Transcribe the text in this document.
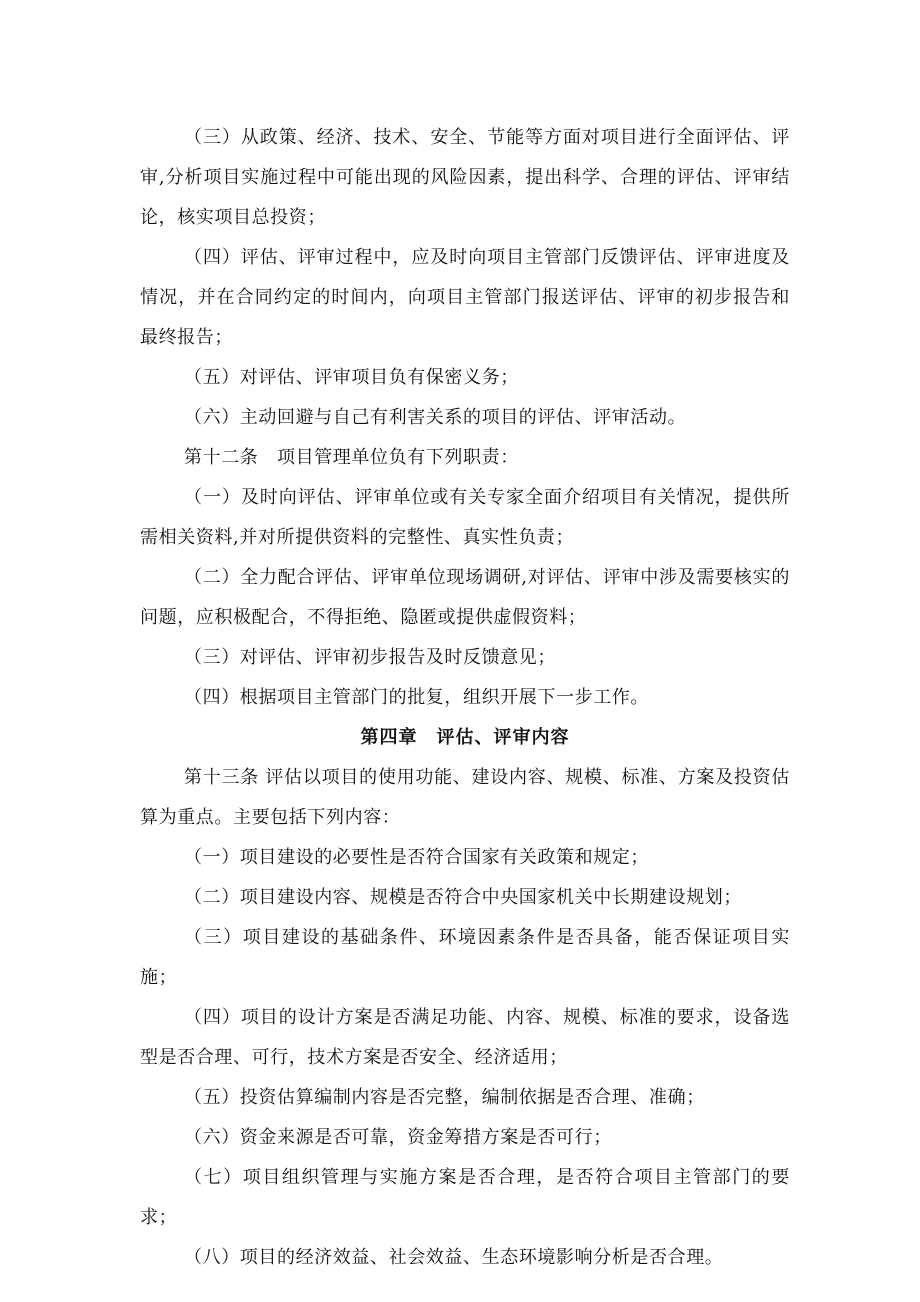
（三）从政策、经济、技术、安全、节能等方面对项目进行全面评估、评审,分析项目实施过程中可能出现的风险因素，提出科学、合理的评估、评审结论，核实项目总投资；

（四）评估、评审过程中，应及时向项目主管部门反馈评估、评审进度及情况，并在合同约定的时间内，向项目主管部门报送评估、评审的初步报告和最终报告；

（五）对评估、评审项目负有保密义务；

（六）主动回避与自己有利害关系的项目的评估、评审活动。

第十二条　项目管理单位负有下列职责：

（一）及时向评估、评审单位或有关专家全面介绍项目有关情况，提供所需相关资料,并对所提供资料的完整性、真实性负责；

（二）全力配合评估、评审单位现场调研,对评估、评审中涉及需要核实的问题，应积极配合，不得拒绝、隐匿或提供虚假资料；

（三）对评估、评审初步报告及时反馈意见；

（四）根据项目主管部门的批复，组织开展下一步工作。

第四章　评估、评审内容

第十三条 评估以项目的使用功能、建设内容、规模、标准、方案及投资估算为重点。主要包括下列内容：

（一）项目建设的必要性是否符合国家有关政策和规定；

（二）项目建设内容、规模是否符合中央国家机关中长期建设规划；

（三）项目建设的基础条件、环境因素条件是否具备，能否保证项目实施；

（四）项目的设计方案是否满足功能、内容、规模、标准的要求，设备选型是否合理、可行，技术方案是否安全、经济适用；

（五）投资估算编制内容是否完整，编制依据是否合理、准确；

（六）资金来源是否可靠，资金筹措方案是否可行；

（七）项目组织管理与实施方案是否合理，是否符合项目主管部门的要求；

（八）项目的经济效益、社会效益、生态环境影响分析是否合理。
